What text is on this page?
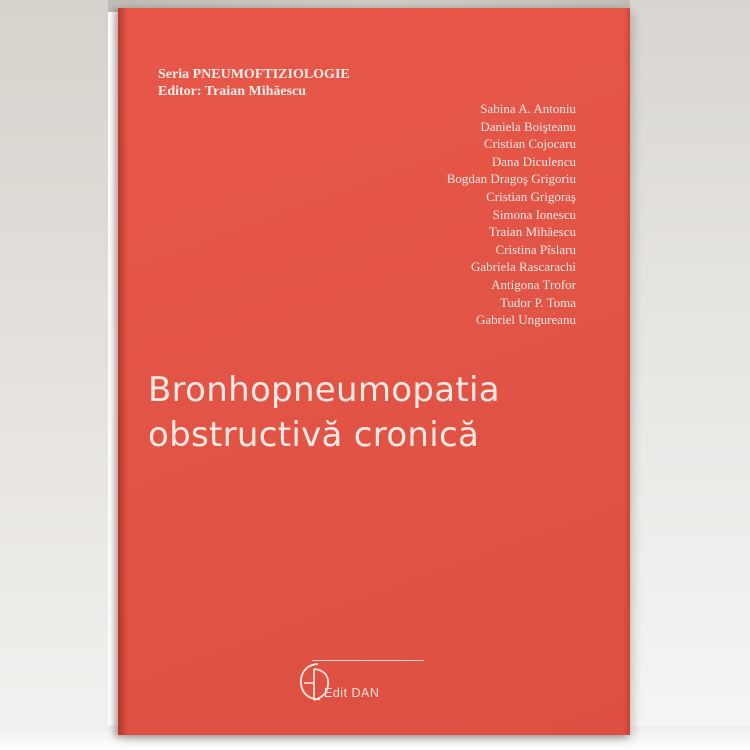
Seria PNEUMOFTIZIOLOGIE
Editor: Traian Mihăescu
Sabina A. Antoniu
Daniela Boişteanu
Cristian Cojocaru
Dana Diculencu
Bogdan Dragoş Grigoriu
Cristian Grigoraş
Simona Ionescu
Traian Mihăescu
Cristina Pîslaru
Gabriela Rascarachi
Antigona Trofor
Tudor P. Toma
Gabriel Ungureanu
Bronhopneumopatia
obstructivă cronică
Edit DAN
